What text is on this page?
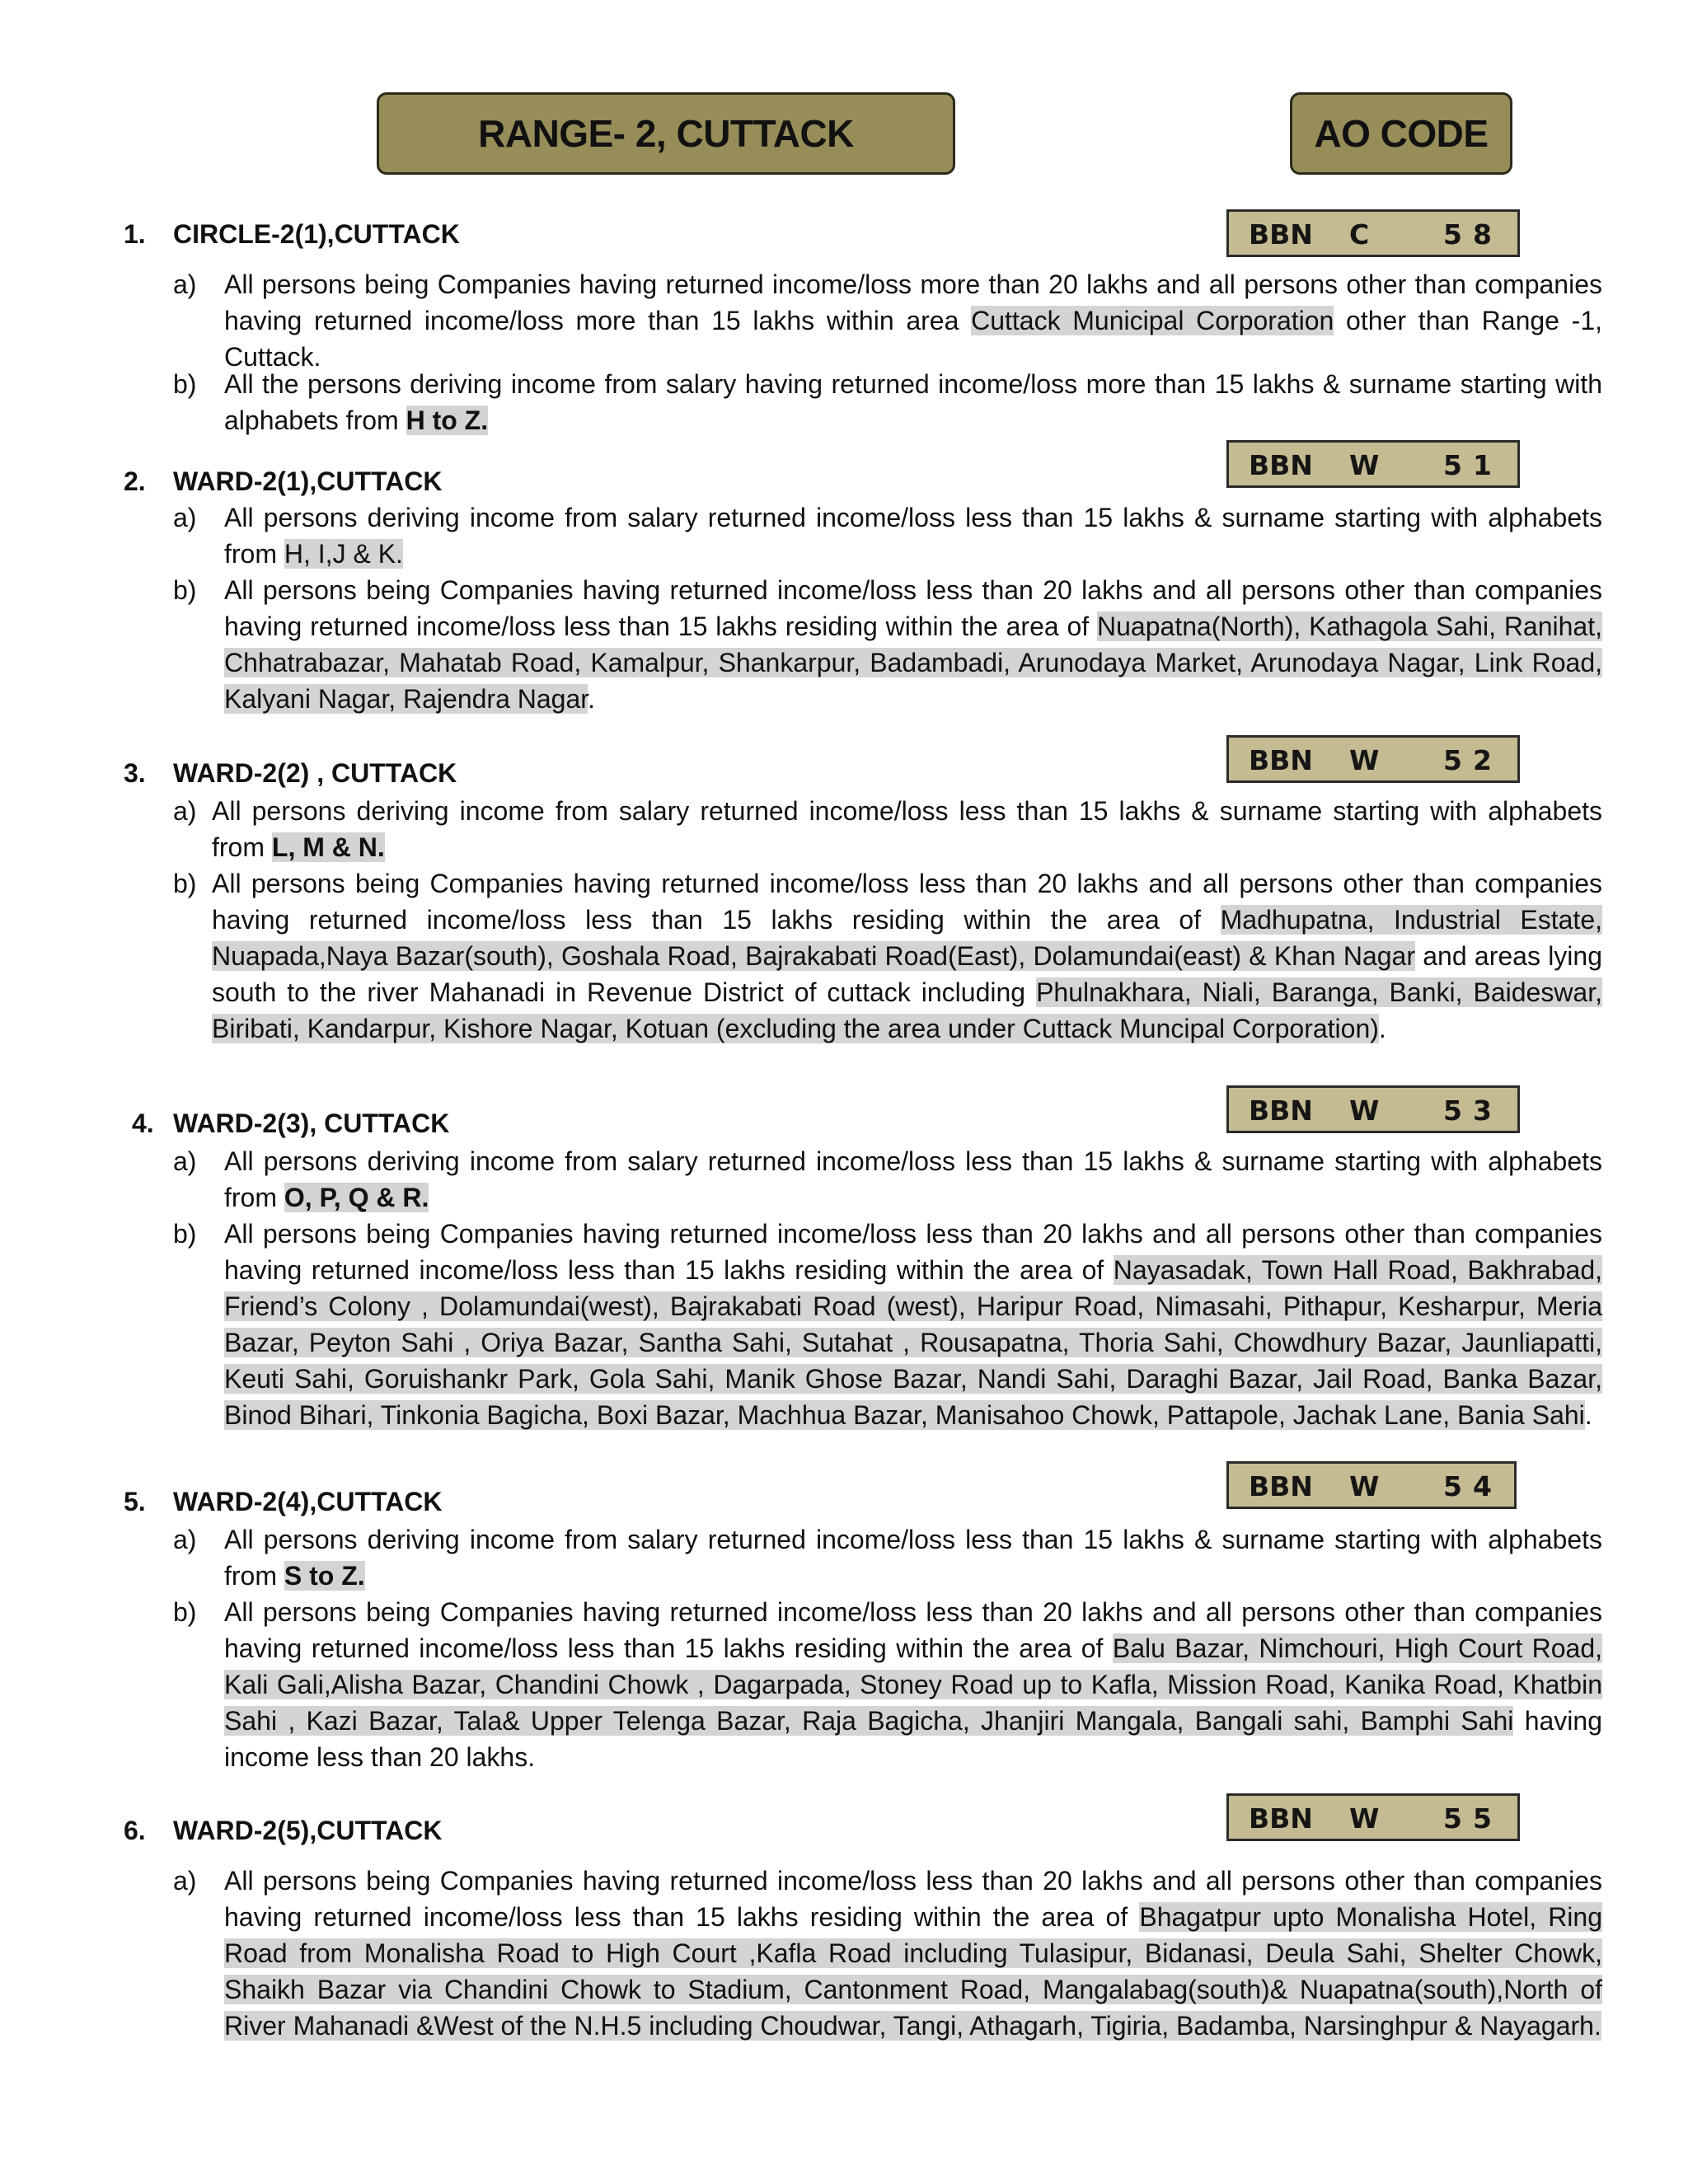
RANGE- 2, CUTTACK	AO CODE
1. CIRCLE-2(1),CUTTACK	BBN C	5 8
a) All persons being Companies having returned income/loss more than 20 lakhs and all persons other than companies having returned income/loss more than 15 lakhs within area Cuttack Municipal Corporation other than Range -1, Cuttack.
b) All the persons deriving income from salary having returned income/loss more than 15 lakhs & surname starting with alphabets from H to Z.
2. WARD-2(1),CUTTACK	BBN W 5 1
a) All persons deriving income from salary returned income/loss less than 15 lakhs & surname starting with alphabets from H, I,J & K.
b) All persons being Companies having returned income/loss less than 20 lakhs and all persons other than companies having returned income/loss less than 15 lakhs residing within the area of Nuapatna(North), Kathagola Sahi, Ranihat, Chhatrabazar, Mahatab Road, Kamalpur, Shankarpur, Badambadi, Arunodaya Market, Arunodaya Nagar, Link Road, Kalyani Nagar, Rajendra Nagar.
3. WARD-2(2) , CUTTACK	BBN W 5 2
a) All persons deriving income from salary returned income/loss less than 15 lakhs & surname starting with alphabets from L, M & N.
b) All persons being Companies having returned income/loss less than 20 lakhs and all persons other than companies having returned income/loss less than 15 lakhs residing within the area of Madhupatna, Industrial Estate, Nuapada,Naya Bazar(south), Goshala Road, Bajrakabati Road(East), Dolamundai(east) & Khan Nagar and areas lying south to the river Mahanadi in Revenue District of cuttack including Phulnakhara, Niali, Baranga, Banki, Baideswar, Biribati, Kandarpur, Kishore Nagar, Kotuan (excluding the area under Cuttack Muncipal Corporation).
4. WARD-2(3), CUTTACK	BBN W 5 3
a) All persons deriving income from salary returned income/loss less than 15 lakhs & surname starting with alphabets from O, P, Q & R.
b) All persons being Companies having returned income/loss less than 20 lakhs and all persons other than companies having returned income/loss less than 15 lakhs residing within the area of Nayasadak, Town Hall Road, Bakhrabad, Friend’s Colony , Dolamundai(west), Bajrakabati Road (west), Haripur Road, Nimasahi, Pithapur, Kesharpur, Meria Bazar, Peyton Sahi , Oriya Bazar, Santha Sahi, Sutahat , Rousapatna, Thoria Sahi, Chowdhury Bazar, Jaunliapatti, Keuti Sahi, Goruishankr Park, Gola Sahi, Manik Ghose Bazar, Nandi Sahi, Daraghi Bazar, Jail Road, Banka Bazar, Binod Bihari, Tinkonia Bagicha, Boxi Bazar, Machhua Bazar, Manisahoo Chowk, Pattapole, Jachak Lane, Bania Sahi.
5. WARD-2(4),CUTTACK	BBN W 5 4
a) All persons deriving income from salary returned income/loss less than 15 lakhs & surname starting with alphabets from S to Z.
b) All persons being Companies having returned income/loss less than 20 lakhs and all persons other than companies having returned income/loss less than 15 lakhs residing within the area of Balu Bazar, Nimchouri, High Court Road, Kali Gali,Alisha Bazar, Chandini Chowk , Dagarpada, Stoney Road up to Kafla, Mission Road, Kanika Road, Khatbin Sahi , Kazi Bazar, Tala& Upper Telenga Bazar, Raja Bagicha, Jhanjiri Mangala, Bangali sahi, Bamphi Sahi having income less than 20 lakhs.
6. WARD-2(5),CUTTACK	BBN W 5 5
a) All persons being Companies having returned income/loss less than 20 lakhs and all persons other than companies having returned income/loss less than 15 lakhs residing within the area of Bhagatpur upto Monalisha Hotel, Ring Road from Monalisha Road to High Court ,Kafla Road including Tulasipur, Bidanasi, Deula Sahi, Shelter Chowk, Shaikh Bazar via Chandini Chowk to Stadium, Cantonment Road, Mangalabag(south)& Nuapatna(south),North of River Mahanadi &West of the N.H.5 including Choudwar, Tangi, Athagarh, Tigiria, Badamba, Narsinghpur & Nayagarh.
